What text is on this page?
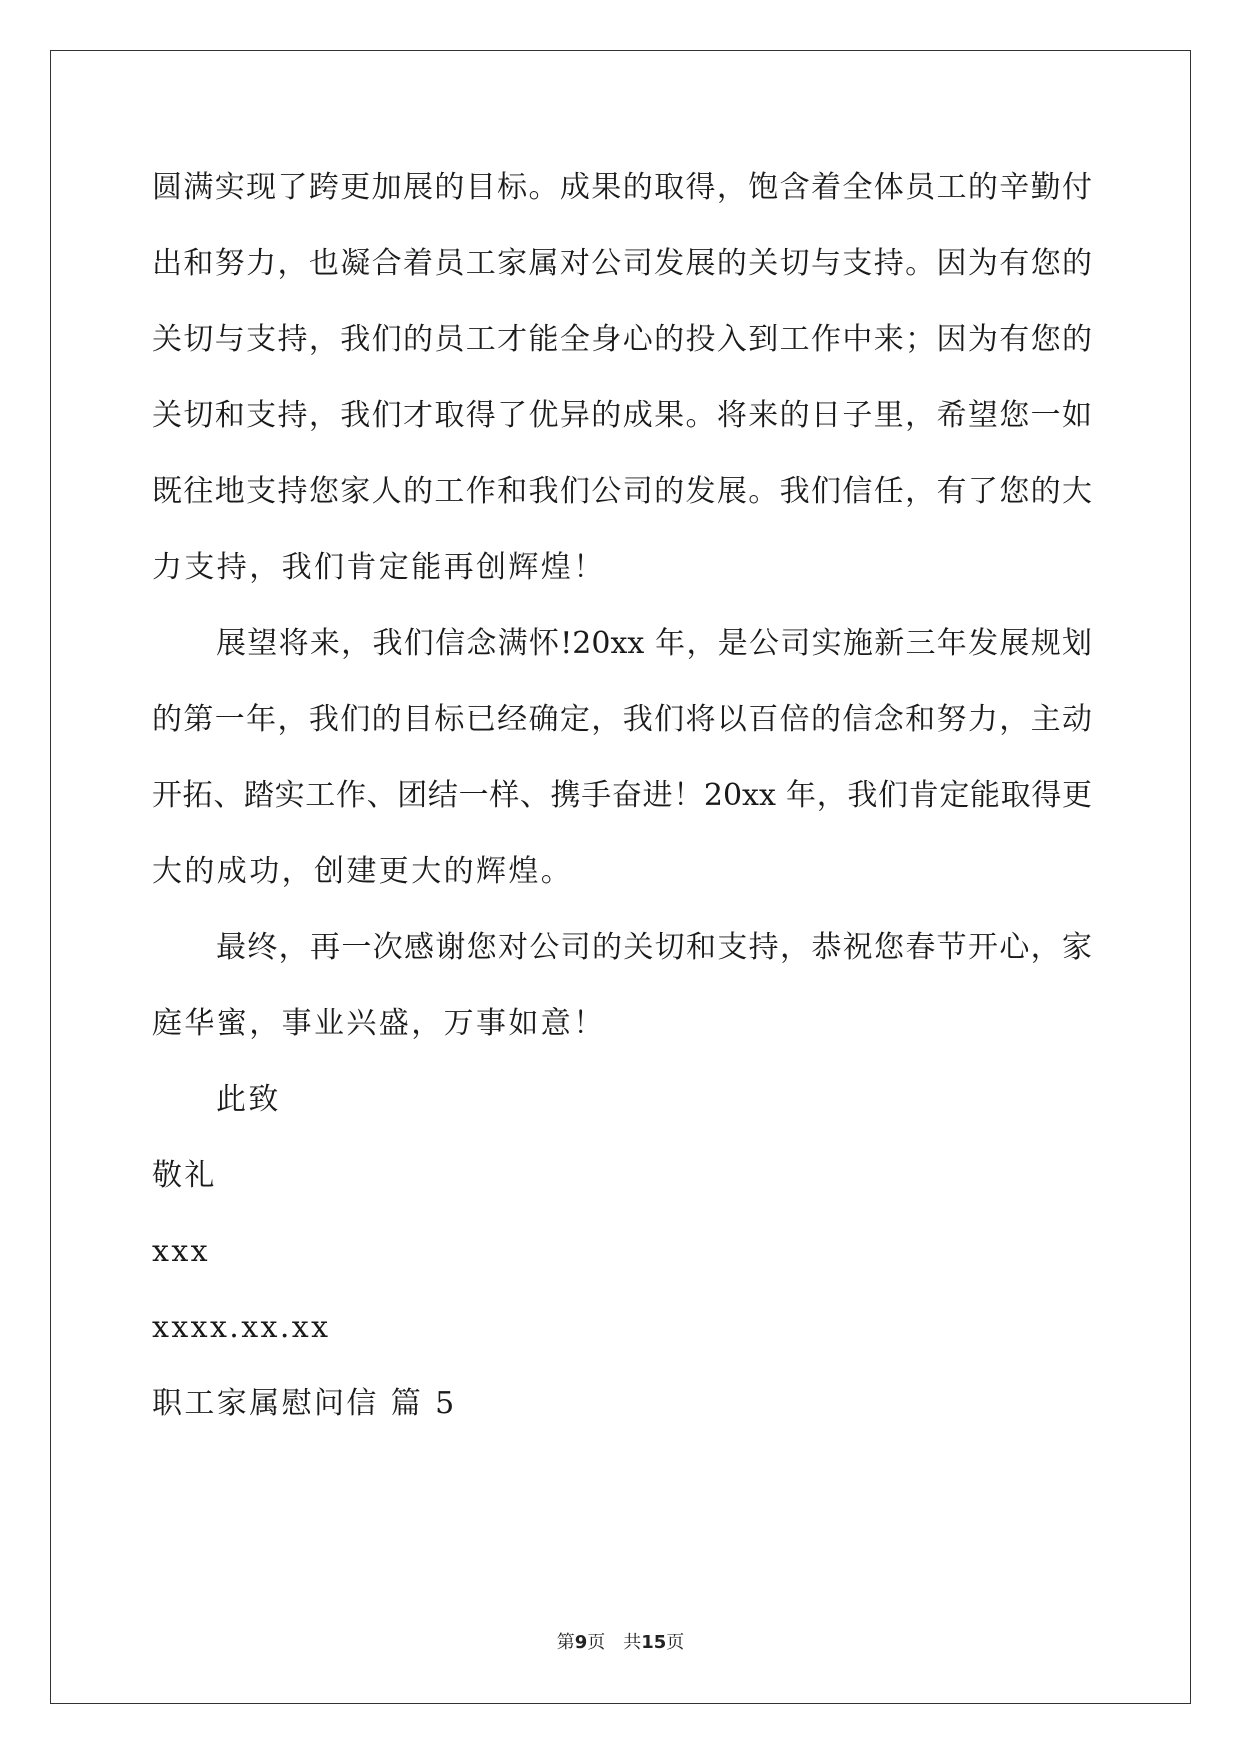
圆满实现了跨更加展的目标。成果的取得，饱含着全体员工的辛勤付
出和努力，也凝合着员工家属对公司发展的关切与支持。因为有您的
关切与支持，我们的员工才能全身心的投入到工作中来；因为有您的
关切和支持，我们才取得了优异的成果。将来的日子里，希望您一如
既往地支持您家人的工作和我们公司的发展。我们信任，有了您的大
力支持，我们肯定能再创辉煌！
展望将来，我们信念满怀!20xx 年，是公司实施新三年发展规划
的第一年，我们的目标已经确定，我们将以百倍的信念和努力，主动
开拓、踏实工作、团结一样、携手奋进！20xx 年，我们肯定能取得更
大的成功，创建更大的辉煌。
最终，再一次感谢您对公司的关切和支持，恭祝您春节开心，家
庭华蜜，事业兴盛，万事如意！
此致
敬礼
xxx
xxxx.xx.xx
职工家属慰问信 篇 5
第9页 共15页
